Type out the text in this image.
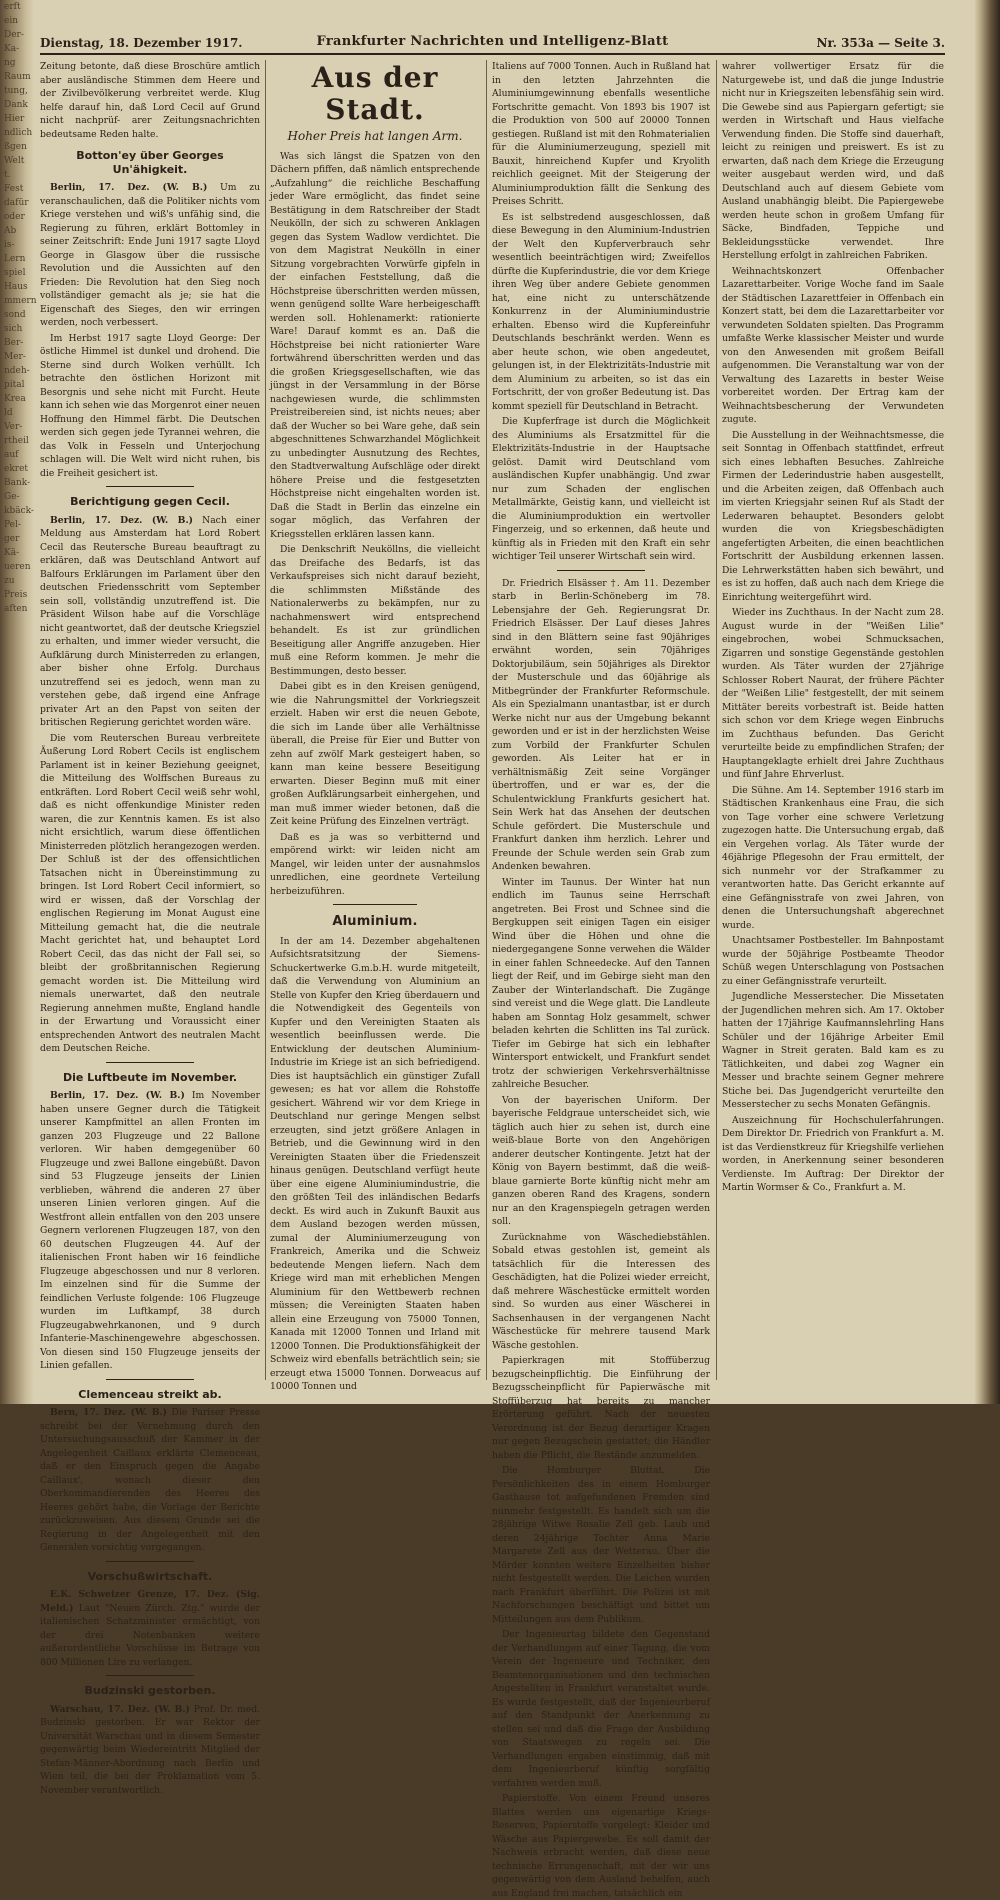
erft
ein
Der-
Ka-
ng
Raum
tung,
Dank
Hier
ndlich
ßgen
Welt
t.
Fest
dafür
oder
Ab
is-
Lern
spiel
Haus
mmern
sond
sich
Ber-
Mer-
ndeh-
pital
Krea
ld
Ver-
rtheil
auf
ekret
Bank-
Ge-
kbäck-
Pel-
ger
Kä-
ueren
zu
Preis
aften
Dienstag, 18. Dezember 1917.	Frankfurter Nachrichten und Intelligenz-Blatt	Nr. 353a — Seite 3.

Zeitung betonte, daß diese Broschüre amtlich aber ausländische Stimmen dem Heere und der Zivilbevölkerung verbreitet werde. Klug helfe darauf hin, daß Lord Cecil auf Grund nicht nachprüf- arer Zeitungsnachrichten bedeutsame Reden halte.

Botton'ey über Georges Un'ähigkeit.

Berlin, 17. Dez. (W. B.) Um zu veranschaulichen, daß die Politiker nichts vom Kriege verstehen und wiß's unfähig sind, die Regierung zu führen, erklärt Bottomley in seiner Zeitschrift: Ende Juni 1917 sagte Lloyd George in Glasgow über die russische Revolution und die Aussichten auf den Frieden: Die Revolution hat den Sieg noch vollständiger gemacht als je; sie hat die Eigenschaft des Sieges, den wir erringen werden, noch verbessert.

Im Herbst 1917 sagte Lloyd George: Der östliche Himmel ist dunkel und drohend. Die Sterne sind durch Wolken verhüllt. Ich betrachte den östlichen Horizont mit Besorgnis und sehe nicht mit Furcht. Heute kann ich sehen wie das Morgenrot einer neuen Hoffnung den Himmel färbt. Die Deutschen werden sich gegen jede Tyrannei wehren, die das Volk in Fesseln und Unterjochung schlagen will. Die Welt wird nicht ruhen, bis die Freiheit gesichert ist.

Berichtigung gegen Cecil.

Berlin, 17. Dez. (W. B.) Nach einer Meldung aus Amsterdam hat Lord Robert Cecil das Reutersche Bureau beauftragt zu erklären, daß was Deutschland Antwort auf Balfours Erklärungen im Parlament über den deutschen Friedensschritt vom September sein soll, vollständig unzutreffend ist. Die Präsident Wilson habe auf die Vorschläge nicht geantwortet, daß der deutsche Kriegsziel zu erhalten, und immer wieder versucht, die Aufklärung durch Ministerreden zu erlangen, aber bisher ohne Erfolg. Durchaus unzutreffend sei es jedoch, wenn man zu verstehen gebe, daß irgend eine Anfrage privater Art an den Papst von seiten der britischen Regierung gerichtet worden wäre.

Die vom Reuterschen Bureau verbreitete Äußerung Lord Robert Cecils ist englischem Parlament ist in keiner Beziehung geeignet, die Mitteilung des Wolffschen Bureaus zu entkräften. Lord Robert Cecil weiß sehr wohl, daß es nicht offenkundige Minister reden waren, die zur Kenntnis kamen. Es ist also nicht ersichtlich, warum diese öffentlichen Ministerreden plötzlich herangezogen werden. Der Schluß ist der des offensichtlichen Tatsachen nicht in Übereinstimmung zu bringen. Ist Lord Robert Cecil informiert, so wird er wissen, daß der Vorschlag der englischen Regierung im Monat August eine Mitteilung gemacht hat, die die neutrale Macht gerichtet hat, und behauptet Lord Robert Cecil, das das nicht der Fall sei, so bleibt der großbritannischen Regierung gemacht worden ist. Die Mitteilung wird niemals unerwartet, daß den neutrale Regierung annehmen mußte, England handle in der Erwartung und Voraussicht einer entsprechenden Antwort des neutralen Macht dem Deutschen Reiche.

Die Luftbeute im November.

Berlin, 17. Dez. (W. B.) Im November haben unsere Gegner durch die Tätigkeit unserer Kampfmittel an allen Fronten im ganzen 203 Flugzeuge und 22 Ballone verloren. Wir haben demgegenüber 60 Flugzeuge und zwei Ballone eingebüßt. Davon sind 53 Flugzeuge jenseits der Linien verblieben, während die anderen 27 über unseren Linien verloren gingen. Auf die Westfront allein entfallen von den 203 unsere Gegnern verlorenen Flugzeugen 187, von den 60 deutschen Flugzeugen 44. Auf der italienischen Front haben wir 16 feindliche Flugzeuge abgeschossen und nur 8 verloren. Im einzelnen sind für die Summe der feindlichen Verluste folgende: 106 Flugzeuge wurden im Luftkampf, 38 durch Flugzeugabwehrkanonen, und 9 durch Infanterie-Maschinengewehre abgeschossen. Von diesen sind 150 Flugzeuge jenseits der Linien gefallen.

Clemenceau streikt ab.

Bern, 17. Dez. (W. B.) Die Pariser Presse schreibt bei der Vernehmung durch den Untersuchungsausschuß der Kammer in der Angelegenheit Caillaux erklärte Clemenceau, daß er den Einspruch gegen die Angabe Caillaux', wonach dieser den Oberkommandierenden des Heeres des Heeres gehört habe, die Vorlage der Berichte zurückzuweisen. Aus diesem Grunde sei die Regierung in der Angelegenheit mit den Generalen vorsichtig vorgegangen.

Vorschußwirtschaft.

E.K. Schweizer Grenze, 17. Dez. (Sig. Meld.) Laut "Neuen Zürch. Ztg." wurde der italienischen Schatzminister ermächtigt, von der drei Notenbanken weitere außerordentliche Vorschüsse im Betrage von 800 Millionen Lire zu verlangen.

Budzinski gestorben.

Warschau, 17. Dez. (W. B.) Prof. Dr. med. Budzinski gestorben. Er war Rektor der Universität Warschau und in diesem Semester gegenwärtig beim Wiedereintritt Mitglied der Stefan-Männer-Abordnung nach Berlin und Wien teil, die bei der Proklamation vom 5. November verantwortlich.

Aus der Stadt.
Hoher Preis hat langen Arm.

Was sich längst die Spatzen von den Dächern pfiffen, daß nämlich entsprechende „Aufzahlung“ die reichliche Beschaffung jeder Ware ermöglicht, das findet seine Bestätigung in dem Ratschreiber der Stadt Neukölln, der sich zu schweren Anklagen gegen das System Wadlow verdichtet. Die von dem Magistrat Neukölln in einer Sitzung vorgebrachten Vorwürfe gipfeln in der einfachen Feststellung, daß die Höchstpreise überschritten werden müssen, wenn genügend sollte Ware herbeigeschafft werden soll. Hohlenamerkt: rationierte Ware! Darauf kommt es an. Daß die Höchstpreise bei nicht rationierter Ware fortwährend überschritten werden und das die großen Kriegsgesellschaften, wie das jüngst in der Versammlung in der Börse nachgewiesen wurde, die schlimmsten Preistreibereien sind, ist nichts neues; aber daß der Wucher so bei Ware gehe, daß sein abgeschnittenes Schwarzhandel Möglichkeit zu unbedingter Ausnutzung des Rechtes, den Stadtverwaltung Aufschläge oder direkt höhere Preise und die festgesetzten Höchstpreise nicht eingehalten worden ist. Daß die Stadt in Berlin das einzelne ein sogar möglich, das Verfahren der Kriegsstellen erklären lassen kann.

Die Denkschrift Neuköllns, die vielleicht das Dreifache des Bedarfs, ist das Verkaufspreises sich nicht darauf bezieht, die schlimmsten Mißstände des Nationalerwerbs zu bekämpfen, nur zu nachahmenswert wird entsprechend behandelt. Es ist zur gründlichen Beseitigung aller Angriffe anzugeben. Hier muß eine Reform kommen. Je mehr die Bestimmungen, desto besser.

Dabei gibt es in den Kreisen genügend, wie die Nahrungsmittel der Vorkriegszeit erzielt. Haben wir erst die neuen Gebote, die sich im Lande über alle Verhältnisse überall, die Preise für Eier und Butter von zehn auf zwölf Mark gesteigert haben, so kann man keine bessere Beseitigung erwarten. Dieser Beginn muß mit einer großen Aufklärungsarbeit einhergehen, und man muß immer wieder betonen, daß die Zeit keine Prüfung des Einzelnen verträgt.

Daß es ja was so verbitternd und empörend wirkt: wir leiden nicht am Mangel, wir leiden unter der ausnahmslos unredlichen, eine geordnete Verteilung herbeizuführen.

Aluminium.

In der am 14. Dezember abgehaltenen Aufsichtsratsitzung der Siemens-Schuckertwerke G.m.b.H. wurde mitgeteilt, daß die Verwendung von Aluminium an Stelle von Kupfer den Krieg überdauern und die Notwendigkeit des Gegenteils von Kupfer und den Vereinigten Staaten als wesentlich beeinflussen werde. Die Entwicklung der deutschen Aluminium-Industrie im Kriege ist an sich befriedigend. Dies ist hauptsächlich ein günstiger Zufall gewesen; es hat vor allem die Rohstoffe gesichert. Während wir vor dem Kriege in Deutschland nur geringe Mengen selbst erzeugten, sind jetzt größere Anlagen in Betrieb, und die Gewinnung wird in den Vereinigten Staaten über die Friedenszeit hinaus genügen. Deutschland verfügt heute über eine eigene Aluminiumindustrie, die den größten Teil des inländischen Bedarfs deckt. Es wird auch in Zukunft Bauxit aus dem Ausland bezogen werden müssen, zumal der Aluminiumerzeugung von Frankreich, Amerika und die Schweiz bedeutende Mengen liefern. Nach dem Kriege wird man mit erheblichen Mengen Aluminium für den Wettbewerb rechnen müssen; die Vereinigten Staaten haben allein eine Erzeugung von 75000 Tonnen, Kanada mit 12000 Tonnen und Irland mit 12000 Tonnen. Die Produktionsfähigkeit der Schweiz wird ebenfalls beträchtlich sein; sie erzeugt etwa 15000 Tonnen. Dorweacus auf 10000 Tonnen und

Italiens auf 7000 Tonnen. Auch in Rußland hat in den letzten Jahrzehnten die Aluminiumgewinnung ebenfalls wesentliche Fortschritte gemacht. Von 1893 bis 1907 ist die Produktion von 500 auf 20000 Tonnen gestiegen. Rußland ist mit den Rohmaterialien für die Aluminiumerzeugung, speziell mit Bauxit, hinreichend Kupfer und Kryolith reichlich geeignet. Mit der Steigerung der Aluminiumproduktion fällt die Senkung des Preises Schritt.

Es ist selbstredend ausgeschlossen, daß diese Bewegung in den Aluminium-Industrien der Welt den Kupferverbrauch sehr wesentlich beeinträchtigen wird; Zweifellos dürfte die Kupferindustrie, die vor dem Kriege ihren Weg über andere Gebiete genommen hat, eine nicht zu unterschätzende Konkurrenz in der Aluminiumindustrie erhalten. Ebenso wird die Kupfereinfuhr Deutschlands beschränkt werden. Wenn es aber heute schon, wie oben angedeutet, gelungen ist, in der Elektrizitäts-Industrie mit dem Aluminium zu arbeiten, so ist das ein Fortschritt, der von großer Bedeutung ist. Das kommt speziell für Deutschland in Betracht.

Die Kupferfrage ist durch die Möglichkeit des Aluminiums als Ersatzmittel für die Elektrizitäts-Industrie in der Hauptsache gelöst. Damit wird Deutschland vom ausländischen Kupfer unabhängig. Und zwar nur zum Schaden der englischen Metallmärkte, Geistig kann, und vielleicht ist die Aluminiumproduktion ein wertvoller Fingerzeig, und so erkennen, daß heute und künftig als in Frieden mit den Kraft ein sehr wichtiger Teil unserer Wirtschaft sein wird.

Dr. Friedrich Elsässer †. Am 11. Dezember starb in Berlin-Schöneberg im 78. Lebensjahre der Geh. Regierungsrat Dr. Friedrich Elsässer. Der Lauf dieses Jahres sind in den Blättern seine fast 90jähriges erwähnt worden, sein 70jähriges Doktorjubiläum, sein 50jähriges als Direktor der Musterschule und das 60jährige als Mitbegründer der Frankfurter Reformschule. Als ein Spezialmann unantastbar, ist er durch Werke nicht nur aus der Umgebung bekannt geworden und er ist in der herzlichsten Weise zum Vorbild der Frankfurter Schulen geworden. Als Leiter hat er in verhältnismäßig Zeit seine Vorgänger übertroffen, und er war es, der die Schulentwicklung Frankfurts gesichert hat. Sein Werk hat das Ansehen der deutschen Schule gefördert. Die Musterschule und Frankfurt danken ihm herzlich. Lehrer und Freunde der Schule werden sein Grab zum Andenken bewahren.

Winter im Taunus. Der Winter hat nun endlich im Taunus seine Herrschaft angetreten. Bei Frost und Schnee sind die Bergkuppen seit einigen Tagen ein eisiger Wind über die Höhen und ohne die niedergegangene Sonne verwehen die Wälder in einer fahlen Schneedecke. Auf den Tannen liegt der Reif, und im Gebirge sieht man den Zauber der Winterlandschaft. Die Zugänge sind vereist und die Wege glatt. Die Landleute haben am Sonntag Holz gesammelt, schwer beladen kehrten die Schlitten ins Tal zurück. Tiefer im Gebirge hat sich ein lebhafter Wintersport entwickelt, und Frankfurt sendet trotz der schwierigen Verkehrsverhältnisse zahlreiche Besucher.

Von der bayerischen Uniform. Der bayerische Feldgraue unterscheidet sich, wie täglich auch hier zu sehen ist, durch eine weiß-blaue Borte von den Angehörigen anderer deutscher Kontingente. Jetzt hat der König von Bayern bestimmt, daß die weiß-blaue garnierte Borte künftig nicht mehr am ganzen oberen Rand des Kragens, sondern nur an den Kragenspiegeln getragen werden soll.

Zurücknahme von Wäschediebstählen. Sobald etwas gestohlen ist, gemeint als tatsächlich für die Interessen des Geschädigten, hat die Polizei wieder erreicht, daß mehrere Wäschestücke ermittelt worden sind. So wurden aus einer Wäscherei in Sachsenhausen in der vergangenen Nacht Wäschestücke für mehrere tausend Mark Wäsche gestohlen.

Papierkragen mit Stoffüberzug bezugscheinpflichtig. Die Einführung der Bezugsscheinpflicht für Papierwäsche mit Stoffüberzug hat bereits zu mancher Erörterung geführt. Nach der neuesten Verordnung ist der Bezug derartiger Kragen nur gegen Bezugschein gestattet; die Händler haben die Pflicht, die Bestände anzumelden.

Die Homburger Bluttat. Die Persönlichkeiten des in einem Homburger Gasthause tot aufgefundenen Fremden sind nunmehr festgestellt. Es handelt sich um die 28jährige Witwe Rosalie Zell geb. Laub und deren 24jährige Tochter Anna Marie Margarete Zell aus der Wetterau. Über die Mörder konnten weitere Einzelheiten bisher nicht festgestellt werden. Die Leichen wurden nach Frankfurt überführt. Die Polizei ist mit Nachforschungen beschäftigt und bittet um Mitteilungen aus dem Publikum.

Der Ingenieurtag bildete den Gegenstand der Verhandlungen auf einer Tagung, die vom Verein der Ingenieure und Techniker, den Beamtenorganisationen und den technischen Angestellten in Frankfurt veranstaltet wurde. Es wurde festgestellt, daß der Ingenieurberuf auf den Standpunkt der Anerkennung zu stellen sei und daß die Frage der Ausbildung von Staatswegen zu regeln sei. Die Verhandlungen ergaben einstimmig, daß mit dem Ingenieurberuf künftig sorgfältig verfahren werden muß.

Papierstoffe. Von einem Freund unseres Blattes werden uns eigenartige Kriegs-Reserven, Papierstoffe vorgelegt: Kleider und Wäsche aus Papiergewebe. Es soll damit der Nachweis erbracht werden, daß diese neue technische Errungenschaft, mit der wir uns gegenwärtig von dem Ausland behelfen, auch aus England frei machen, tatsächlich ein

wahrer vollwertiger Ersatz für die Naturgewebe ist, und daß die junge Industrie nicht nur in Kriegszeiten lebensfähig sein wird. Die Gewebe sind aus Papiergarn gefertigt; sie werden in Wirtschaft und Haus vielfache Verwendung finden. Die Stoffe sind dauerhaft, leicht zu reinigen und preiswert. Es ist zu erwarten, daß nach dem Kriege die Erzeugung weiter ausgebaut werden wird, und daß Deutschland auch auf diesem Gebiete vom Ausland unabhängig bleibt. Die Papiergewebe werden heute schon in großem Umfang für Säcke, Bindfaden, Teppiche und Bekleidungsstücke verwendet. Ihre Herstellung erfolgt in zahlreichen Fabriken.

Weihnachtskonzert Offenbacher Lazarettarbeiter. Vorige Woche fand im Saale der Städtischen Lazarettfeier in Offenbach ein Konzert statt, bei dem die Lazarettarbeiter vor verwundeten Soldaten spielten. Das Programm umfaßte Werke klassischer Meister und wurde von den Anwesenden mit großem Beifall aufgenommen. Die Veranstaltung war von der Verwaltung des Lazaretts in bester Weise vorbereitet worden. Der Ertrag kam der Weihnachtsbescherung der Verwundeten zugute.

Die Ausstellung in der Weihnachtsmesse, die seit Sonntag in Offenbach stattfindet, erfreut sich eines lebhaften Besuches. Zahlreiche Firmen der Lederindustrie haben ausgestellt, und die Arbeiten zeigen, daß Offenbach auch im vierten Kriegsjahr seinen Ruf als Stadt der Lederwaren behauptet. Besonders gelobt wurden die von Kriegsbeschädigten angefertigten Arbeiten, die einen beachtlichen Fortschritt der Ausbildung erkennen lassen. Die Lehrwerkstätten haben sich bewährt, und es ist zu hoffen, daß auch nach dem Kriege die Einrichtung weitergeführt wird.

Wieder ins Zuchthaus. In der Nacht zum 28. August wurde in der "Weißen Lilie" eingebrochen, wobei Schmucksachen, Zigarren und sonstige Gegenstände gestohlen wurden. Als Täter wurden der 27jährige Schlosser Robert Naurat, der frühere Pächter der "Weißen Lilie" festgestellt, der mit seinem Mittäter bereits vorbestraft ist. Beide hatten sich schon vor dem Kriege wegen Einbruchs im Zuchthaus befunden. Das Gericht verurteilte beide zu empfindlichen Strafen; der Hauptangeklagte erhielt drei Jahre Zuchthaus und fünf Jahre Ehrverlust.

Die Sühne. Am 14. September 1916 starb im Städtischen Krankenhaus eine Frau, die sich von Tage vorher eine schwere Verletzung zugezogen hatte. Die Untersuchung ergab, daß ein Vergehen vorlag. Als Täter wurde der 46jährige Pflegesohn der Frau ermittelt, der sich nunmehr vor der Strafkammer zu verantworten hatte. Das Gericht erkannte auf eine Gefängnisstrafe von zwei Jahren, von denen die Untersuchungshaft abgerechnet wurde.

Unachtsamer Postbesteller. Im Bahnpostamt wurde der 50jährige Postbeamte Theodor Schüß wegen Unterschlagung von Postsachen zu einer Gefängnisstrafe verurteilt.

Jugendliche Messerstecher. Die Missetaten der Jugendlichen mehren sich. Am 17. Oktober hatten der 17jährige Kaufmannslehrling Hans Schüler und der 16jährige Arbeiter Emil Wagner in Streit geraten. Bald kam es zu Tätlichkeiten, und dabei zog Wagner ein Messer und brachte seinem Gegner mehrere Stiche bei. Das Jugendgericht verurteilte den Messerstecher zu sechs Monaten Gefängnis.

Auszeichnung für Hochschulerfahrungen. Dem Direktor Dr. Friedrich von Frankfurt a. M. ist das Verdienstkreuz für Kriegshilfe verliehen worden, in Anerkennung seiner besonderen Verdienste. Im Auftrag: Der Direktor der Martin Wormser & Co., Frankfurt a. M.
